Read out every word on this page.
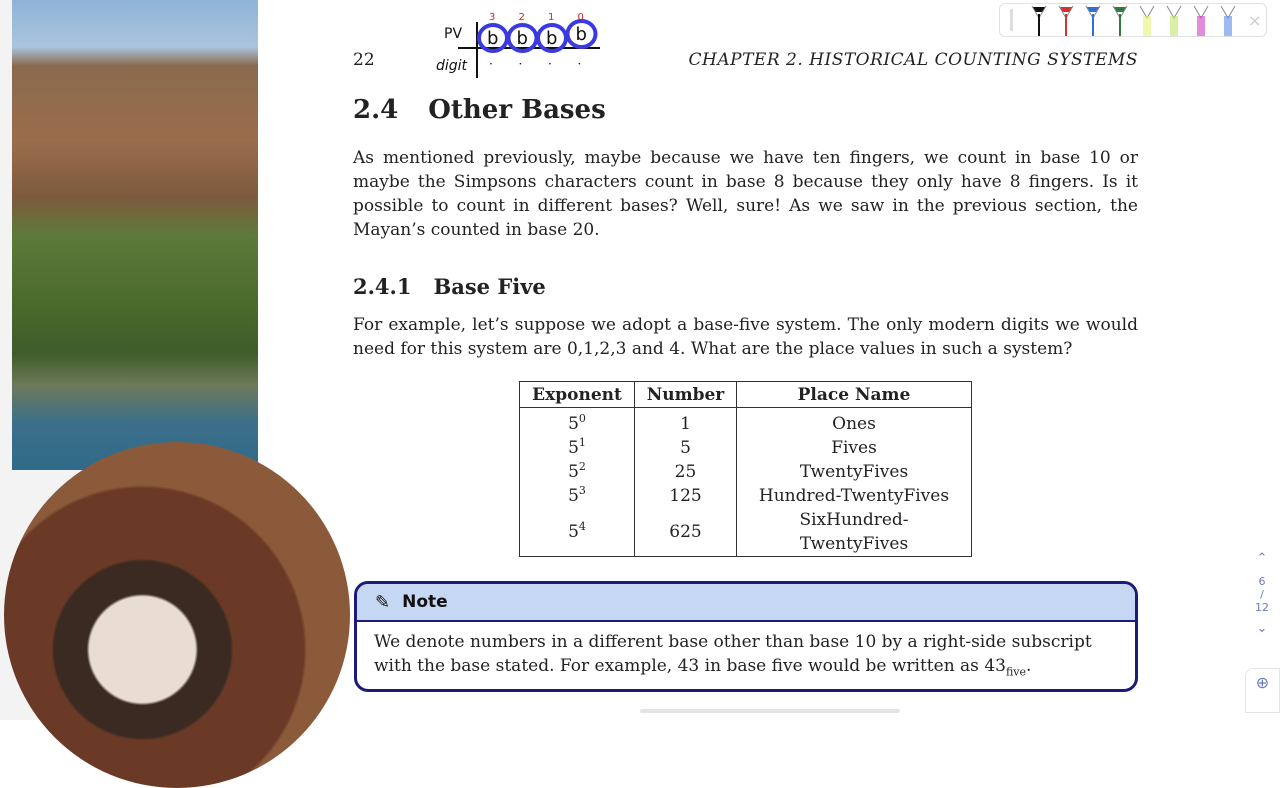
PV
digit
b
3
·
b
2
·
b
1
·
b
0
·
22	CHAPTER 2. HISTORICAL COUNTING SYSTEMS
2.4 Other Bases
As mentioned previously, maybe because we have ten fingers, we count in base 10 or maybe the Simpsons characters count in base 8 because they only have 8 fingers. Is it possible to count in different bases? Well, sure! As we saw in the previous section, the Mayan’s counted in base 20.
2.4.1 Base Five
For example, let’s suppose we adopt a base-five system. The only modern digits we would need for this system are 0,1,2,3 and 4. What are the place values in such a system?
Exponent	Number	Place Name
$5^0$	1	Ones
$5^1$	5	Fives
$5^2$	25	TwentyFives
$5^3$	125	Hundred-TwentyFives
$5^4$	625	SixHundred-TwentyFives
✎ Note
We denote numbers in a different base other than base 10 by a right-side subscript with the base stated. For example, 43 in base five would be written as $43_{five}$.
×
⌃
6
/
12
⌄
⊕
